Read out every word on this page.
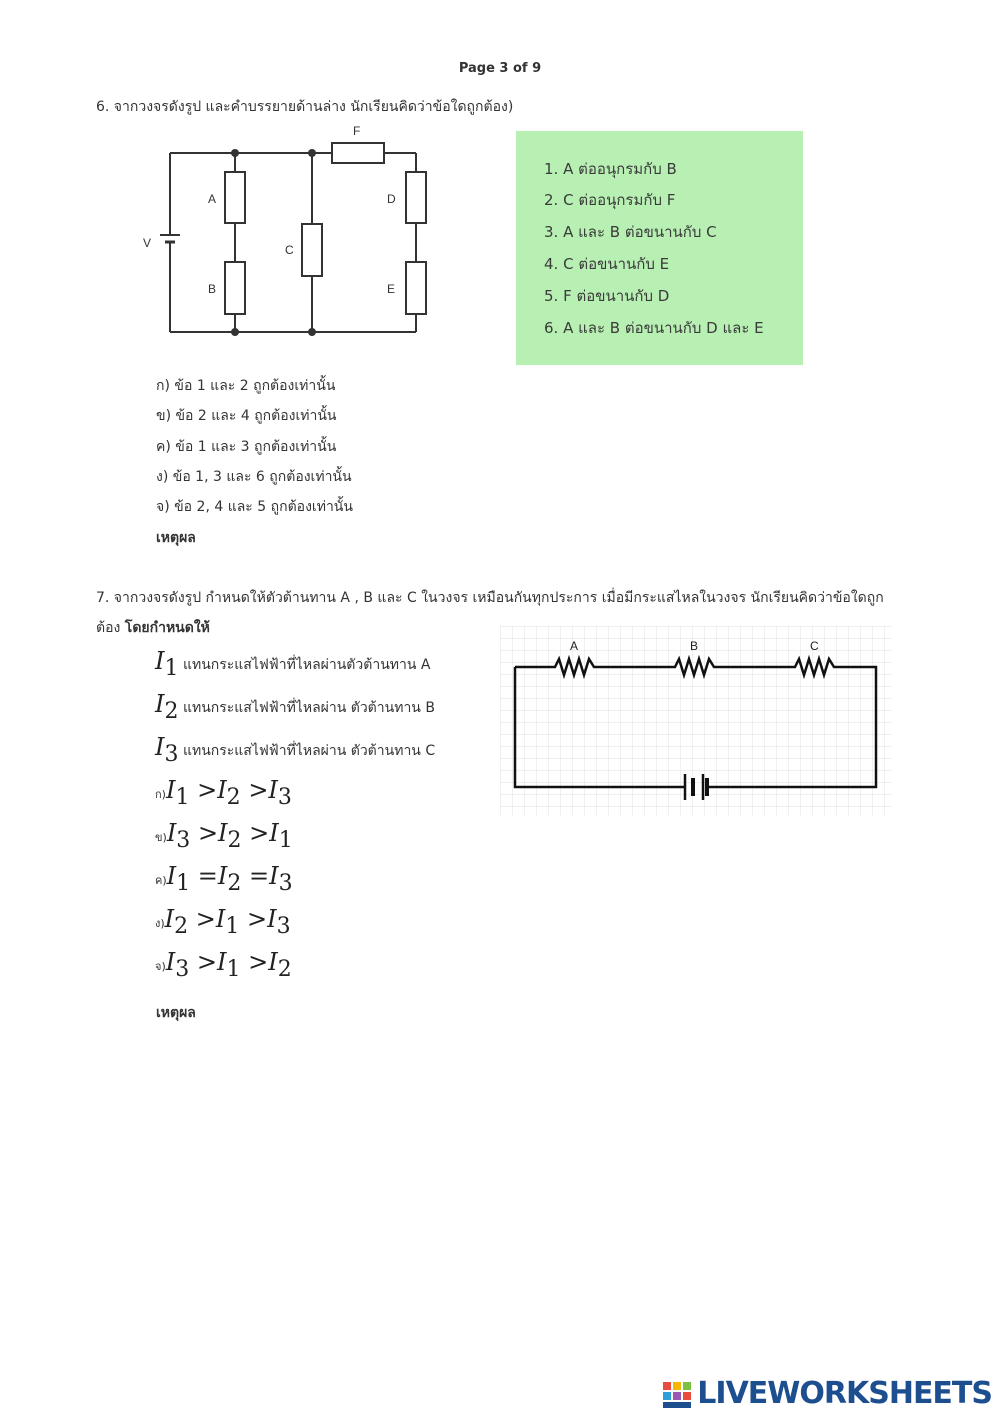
Page 3 of 9
6. จากวงจรดังรูป และคำบรรยายด้านล่าง นักเรียนคิดว่าข้อใดถูกต้อง)
V
A
B
C
D
E
F
1. A ต่ออนุกรมกับ B
2. C ต่ออนุกรมกับ F
3. A และ B ต่อขนานกับ C
4. C ต่อขนานกับ E
5. F ต่อขนานกับ D
6. A และ B ต่อขนานกับ D และ E
ก) ข้อ 1 และ 2 ถูกต้องเท่านั้น
ข) ข้อ 2 และ 4 ถูกต้องเท่านั้น
ค) ข้อ 1 และ 3 ถูกต้องเท่านั้น
ง) ข้อ 1, 3 และ 6 ถูกต้องเท่านั้น
จ) ข้อ 2, 4 และ 5 ถูกต้องเท่านั้น
เหตุผล
7. จากวงจรดังรูป กำหนดให้ตัวต้านทาน A , B และ C ในวงจร เหมือนกันทุกประการ เมื่อมีกระแสไหลในวงจร นักเรียนคิดว่าข้อใดถูก
ต้อง โดยกำหนดให้
$I_1$ แทนกระแสไฟฟ้าที่ไหลผ่านตัวต้านทาน A
$I_2$ แทนกระแสไฟฟ้าที่ไหลผ่าน ตัวต้านทาน B
$I_3$ แทนกระแสไฟฟ้าที่ไหลผ่าน ตัวต้านทาน C
ก)$I_1 >I_2 >I_3$
ข)$I_3 >I_2 >I_1$
ค)$I_1 =I_2 =I_3$
ง)$I_2 >I_1 >I_3$
จ)$I_3 >I_1 >I_2$
เหตุผล
A	B	C
LIVEWORKSHEETS
